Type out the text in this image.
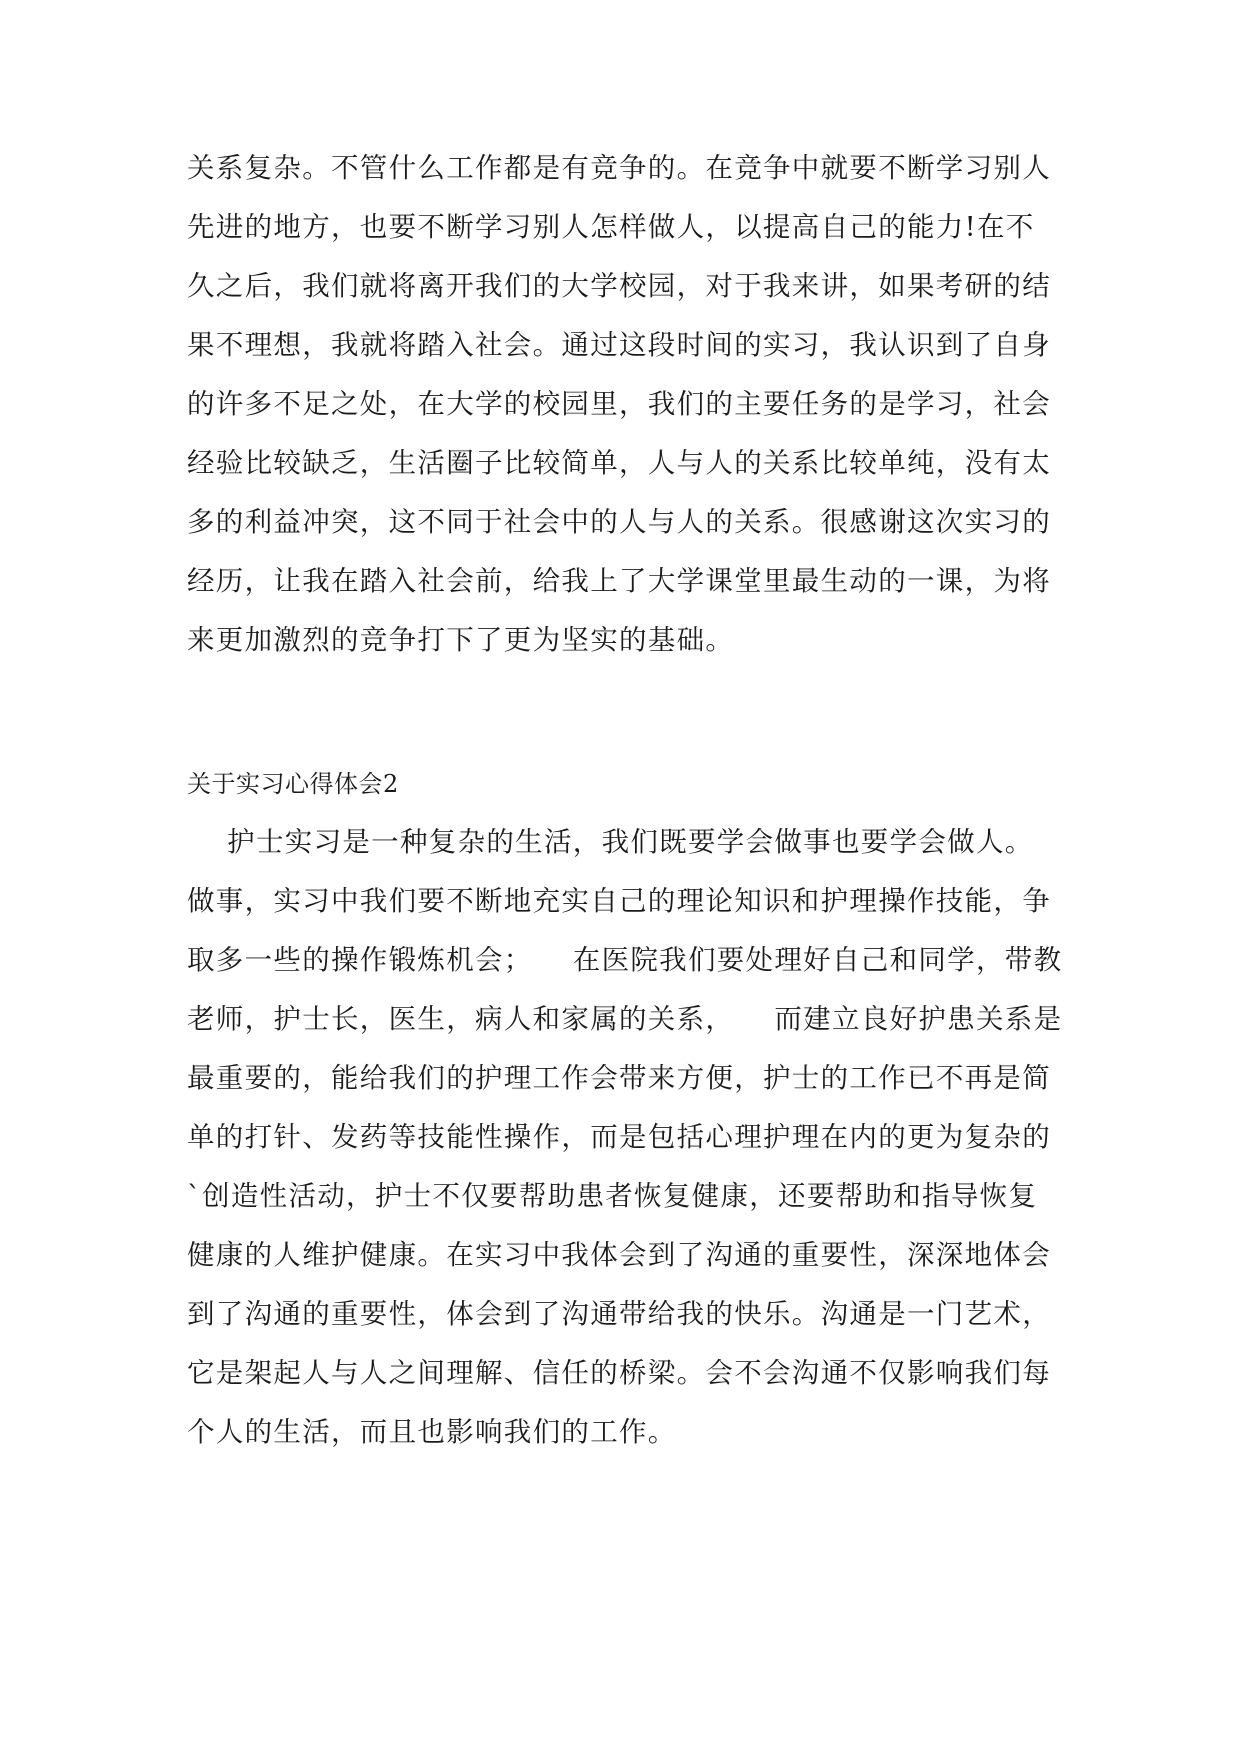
关系复杂。不管什么工作都是有竞争的。在竞争中就要不断学习别人
先进的地方，也要不断学习别人怎样做人，以提高自己的能力!在不
久之后，我们就将离开我们的大学校园，对于我来讲，如果考研的结
果不理想，我就将踏入社会。通过这段时间的实习，我认识到了自身
的许多不足之处，在大学的校园里，我们的主要任务的是学习，社会
经验比较缺乏，生活圈子比较简单，人与人的关系比较单纯，没有太
多的利益冲突，这不同于社会中的人与人的关系。很感谢这次实习的
经历，让我在踏入社会前，给我上了大学课堂里最生动的一课，为将
来更加激烈的竞争打下了更为坚实的基础。
关于实习心得体会2
护士实习是一种复杂的生活，我们既要学会做事也要学会做人。
做事，实习中我们要不断地充实自己的理论知识和护理操作技能，争
取多一些的操作锻炼机会；    在医院我们要处理好自己和同学，带教
老师，护士长，医生，病人和家属的关系，    而建立良好护患关系是
最重要的，能给我们的护理工作会带来方便，护士的工作已不再是简
单的打针、发药等技能性操作，而是包括心理护理在内的更为复杂的
`创造性活动，护士不仅要帮助患者恢复健康，还要帮助和指导恢复
健康的人维护健康。在实习中我体会到了沟通的重要性，深深地体会
到了沟通的重要性，体会到了沟通带给我的快乐。沟通是一门艺术，
它是架起人与人之间理解、信任的桥梁。会不会沟通不仅影响我们每
个人的生活，而且也影响我们的工作。
